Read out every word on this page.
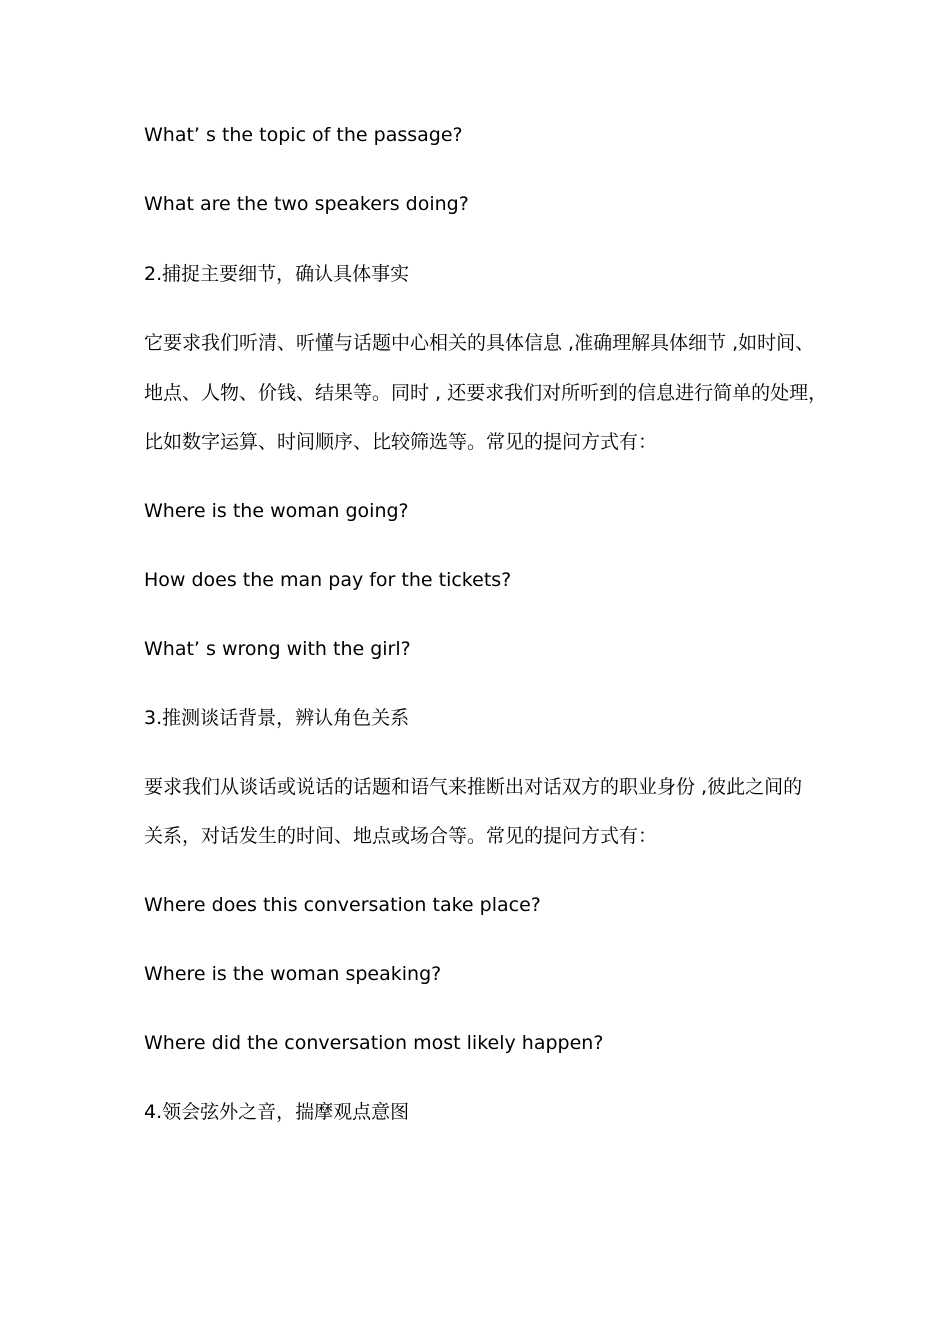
What’ s the topic of the passage?
What are the two speakers doing?
2.捕捉主要细节，确认具体事实
它要求我们听清、听懂与话题中心相关的具体信息 ,准确理解具体细节 ,如时间、
地点、人物、价钱、结果等。同时 , 还要求我们对所听到的信息进行简单的处理，
比如数字运算、时间顺序、比较筛选等。常见的提问方式有：
Where is the woman going?
How does the man pay for the tickets?
What’ s wrong with the girl?
3.推测谈话背景，辨认角色关系
要求我们从谈话或说话的话题和语气来推断出对话双方的职业身份 ,彼此之间的
关系，对话发生的时间、地点或场合等。常见的提问方式有：
Where does this conversation take place?
Where is the woman speaking?
Where did the conversation most likely happen?
4.领会弦外之音，揣摩观点意图
